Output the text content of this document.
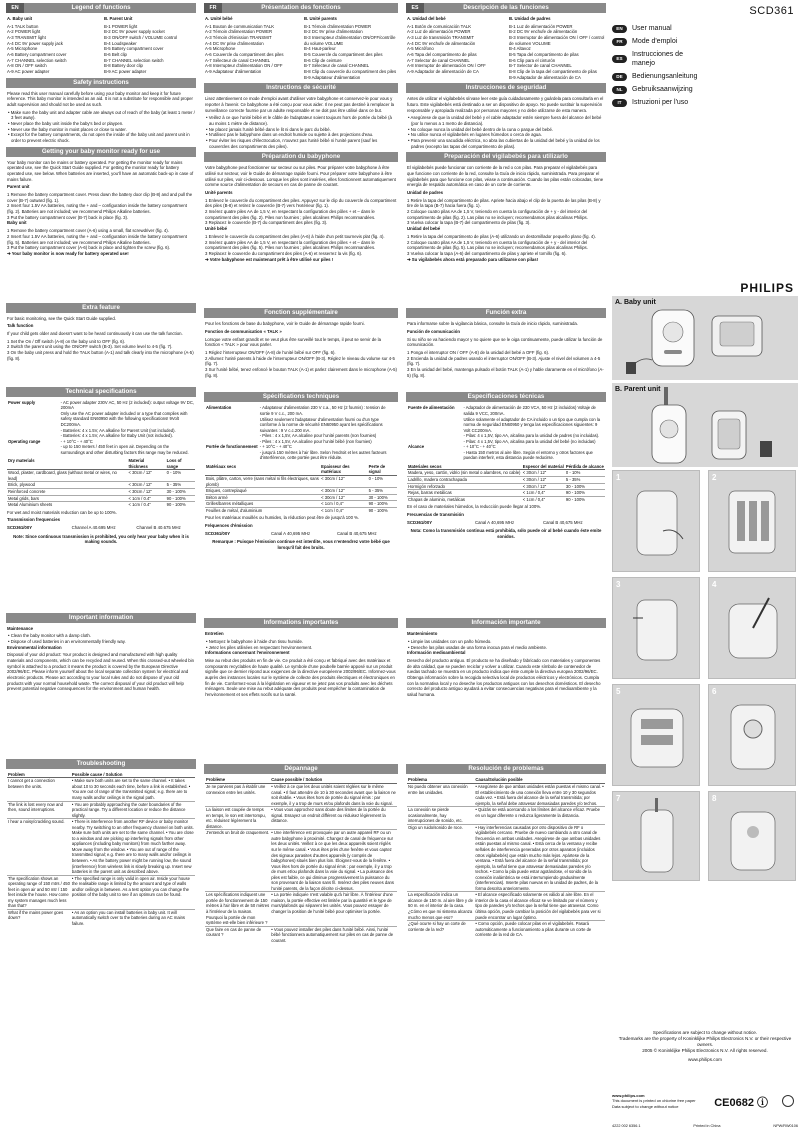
EN	Legend of functions

A. Baby unit

A-1 TALK button
A-2 POWER light
A-3 TRANSMIT light
A-4 DC 9V power supply jack
A-5 Microphone
A-6 Battery compartment cover
A-7 CHANNEL selection switch
A-8 ON / OFF switch
A-9 AC power adapter

B. Parent Unit

B-1 POWER light
B-2 DC 9V power supply socket
B-3 ON/OFF switch / VOLUME control
B-4 Loudspeaker
B-5 Battery compartment cover
B-6 Belt clip
B-7 CHANNEL selection switch
B-8 Battery door clip
B-9 AC power adapter
Safety instructions

Please read this user manual carefully before using your baby monitor and keep it for future reference. This baby monitor is intended as an aid. It is not a substitute for responsible and proper adult supervision and should not be used as such.

• Make sure the baby unit and adapter cable are always out of reach of the baby (at least 1 meter / 3 feet away).
• Never place the baby unit inside the baby's bed or playpen.
• Never use the baby monitor in moist places or close to water.
• Except for the battery compartments, do not open the inside of the baby unit and parent unit in order to prevent electric shock.
Getting your baby monitor ready for use

Your baby monitor can be mains or battery operated. For getting the monitor ready for mains operated use, see the Quick Start Guide supplied. For getting the monitor ready for battery operated use, see below. When batteries are inserted, you'll have an automatic back-up in case of mains failure.

Parent unit

1 Remove the battery compartment cover. Press down the battery door clip (B-8) and and pull the cover (B-7) outward (fig. 1).
2 Insert four 1.5V AA batteries, noting the + and – configuration inside the battery compartment (fig. 2). Batteries are not included; we recommend Philips Alkaline batteries.
3 Put the battery compartment cover (B-7) back in place (fig. 3).

Baby unit

1 Remove the battery compartment cover (A-6) using a small, flat screwdriver (fig. 4).
2 Insert four 1.5V AA batteries, noting the + and – configuration inside the battery compartment (fig. 5). Batteries are not included; we recommend Philips Alkaline batteries.
3 Put the battery compartment cover (A-6) back in place and tighten the screw (fig. 6).

➔ Your baby monitor is now ready for battery operated use!

Extra feature

For basic monitoring, see the Quick Start Guide supplied.

Talk function

If your child gets older and doesn't want to be heard continuously it can use the talk function.

1 Set the On / Off switch (A-8) on the baby unit to OFF (fig. 6).
2 Switch the parent unit using the ON/OFF switch (B-3). Set volume level to 4-5 (fig. 7).
3 On the baby unit press and hold the TALK button (A-1) and talk clearly into the microphone (A-5) (fig. 8).
Technical specifications
Power supply	- AC power adapter 230V AC, 50 Hz (2 included): output voltage 9V DC, 200mA
Only use the AC power adapter included or a type that complies with safety standard EN60950 with the following specifications! 9Volt DC200mA.
- Batteries: 4 x 1.5V, AA alkaline for Parent Unit (not included).
- Batteries: 4 x 1.5V, AA alkaline for Baby Unit (not included).

Operating range	- + 10°C - + 40°C
- up to 150 meters / 450 feet in open air. Depending on the surroundings and other disturbing factors this range may be reduced.
Dry materials	Material thickness	Loss of range
Wood, plaster, cardboard, glass (without metal or wires, no lead)	< 30cm / 12"	0 - 10%
Brick, plywood	< 30cm / 12"	5 - 35%
Reinforced concrete	< 30cm / 12"	30 - 100%
Metal grids, bars	< 1cm / 0.4"	90 - 100%
Metal Aluminium sheets	< 1cm / 0.4"	90 - 100%

For wet and moist materials reduction can be up to 100%.

Transmission frequencies

SCD361/00Y	Channel A 40.695 MHz	Channel B 40.675 MHz

Note: Since continuous transmission is prohibited, you only hear your baby when it is making sounds.

Important information

Maintenance

• Clean the baby monitor with a damp cloth.
• Dispose of used batteries in an environmentally friendly way.

Environmental information

Disposal of your old product: Your product is designed and manufactured with high quality materials and components, which can be recycled and reused. When this crossed-out wheeled bin symbol is attached to a product it means the product is covered by the European Directive 2002/96/EC. Please inform yourself about the local separate collection system for electrical and electronic products. Please act according to your local rules and do not dispose of your old products with your normal household waste. The correct disposal of your old product will help prevent potential negative consequences for the environment and human health.

Troubleshooting
Problem	Possible cause / Solution
I cannot get a connection between the units.	• Make sure both units are set to the same channel. • It takes about 10 to 30 seconds each time, before a link is established. • You are out of range of the transmitted signal; e.g. there are to many walls and/or ceilings in the signal path.
The link is lost every now and then, sound interruptions.	• You are probably approaching the outer boundaries of the practical range. Try a different location or reduce the distance slightly.
I hear a noisy/crackling sound.	• There is interference from another RF device or baby monitor nearby. Try switching to an other frequency channel on both units. Make sure both units are set to the same channel. • You are close to a window and are picking up interfering signals from other appliances (including baby monitors) from much farther away. Move away from the window. • You are out of range of the transmitted signal; e.g. there are to many walls and/or ceilings in between. • As the battery power might be running low, the sound (interference) from wireless link is slowly breaking up. Insert new batteries in the parent unit as described above.
The specification shows an operating range of 150 mtrs / 450 feet in open air and 50 mtr / 150 feet inside the house. How come my system manages much less than that?	• The specified range is only valid in open air. Inside your house the realisable range is limited by the amount and type of walls and/or ceilings in between. As a test option you can change the position of the baby unit to see if an optimum can be found.
What if the mains power goes down?	• As an option you can install batteries in baby unit. It will automatically switch over to the batteries during an AC mains failure.
FR	Présentation des fonctions

A. Unité bébé

A-1 Bouton de communication TALK
A-2 Témoin d'alimentation POWER
A-3 Témoin d'émission TRANSMIT
A-4 DC 9V prise d'alimentation
A-5 Microphone
A-6 Couvercle du compartiment des piles
A-7 Sélecteur de canal CHANNEL
A-8 Interrupteur d'alimentation ON / OFF
A-9 Adaptateur d'alimentation

B. Unité parents

B-1 Témoin d'alimentation POWER
B-2 DC 9V prise d'alimentation
B-3 Interrupteur d'alimentation ON/OFF/contrôle du volume VOLUME
B-4 Haut-parleur
B-5 Couvercle du compartiment des piles
B-6 Clip de ceinture
B-7 Sélecteur de canal CHANNEL
B-8 Clip du couvercle du compartiment des piles
B-9 Adaptateur d'alimentation
Instructions de sécurité

Lisez attentivement ce mode d'emploi avant d'utiliser votre babyphone et conservez-le pour vous y reporter à l'avenir. Ce babyphone a été conçu pour vous aider. Il ne peut pas destiné à remplacer la surveillance correcte fournie par un adulte responsable et ne doit pas être utilisé dans ce but.

• Veillez à ce que l'unité bébé et le câble de l'adaptateur soient toujours hors de portée du bébé (à au moins 1 mètre de distance).
• Ne placez jamais l'unité bébé dans le lit ni dans le parc du bébé.
• N'utilisez pas le babyphone dans un endroit humide ou sujette à des projections d'eau.
• Pour éviter les risques d'électrocution, n'ouvrez pas l'unité bébé ni l'unité parent (sauf les couvercles des compartiments des piles).
Préparation du babyphone

Votre babyphone peut fonctionner sur secteur ou sur piles. Pour préparer votre babyphone à être utilisé sur secteur, voir le Guide de démarrage rapide fourni. Pour préparer votre babyphone à être utilisé sur piles, voir ci-dessous. Lorsque les piles sont insérées, elles fonctionnent automatiquement comme source d'alimentation de secours en cas de panne de courant.

Unité parents

1 Enlevez le couvercle du compartiment des piles. Appuyez sur le clip du couvercle du compartiment des piles (B-8) et retirez le couvercle (B-7) vers l'extérieur (fig. 1).
2 Insérez quatre piles AA de 1,5 V, en respectant la configuration des pôles + et – dans le compartiment des piles (fig. 2). Piles non fournies ; piles alcalines Philips recommandées.
3 Replacez le couvercle (B-7) du compartiment des piles (fig. 3).

Unité bébé

1 Enlevez le couvercle du compartiment des piles (A-6) à l'aide d'un petit tournevis plat (fig. 4).
2 Insérez quatre piles AA de 1,5 V, en respectant la configuration des pôles + et – dans le compartiment des piles (fig. 5). Piles non fournies ; piles alcalines Philips recommandées.
3 Replacez le couvercle du compartiment des piles (A-6) et resserrez la vis (fig. 6).

➔ Votre babyphone est maintenant prêt à être utilisé sur piles !

Fonction supplémentaire

Pour les fonctions de base du babyphone, voir le Guide de démarrage rapide fourni.

Fonction de communication « TALK »

Lorsque votre enfant grandit et ne veut plus être surveillé tout le temps, il peut se servir de la fonction « TALK » pour vous parler.

1 Réglez l'interrupteur ON/OFF (A-8) de l'unité bébé sur OFF (fig. 6).
2 Allumez l'unité parents à l'aide de l'interrupteur ON/OFF (B-3). Réglez le niveau du volume sur 4-5 (fig. 7).
3 Sur l'unité bébé, tenez enfoncé le bouton TALK (A-1) et parlez clairement dans le microphone (A-5) (fig. 8).
Spécifications techniques
Alimentation	- Adaptateur d'alimentation 230 V c.a., 50 Hz (2 fournis) : tension de sortie 9 V c.c., 200 mA.
Utilisez seulement l'adaptateur d'alimentation fourni ou d'un type conforme à la norme de sécurité EN60950 ayant les spécifications suivantes : 9 V c.c.200 mA.
- Piles : 4 x 1,5V, AA alcaline pour l'unité parents (non fournies)
- Piles : 4 x 1,5V, AA alcaline pour l'unité bébé (non fournies)

Portée de fonctionnement	- + 10°C - + 40°C
- jusqu'à 150 mètres à l'air libre. Selon l'endroit et les autres facteurs d'interférence, cette portée peut être réduite.
Matériaux secs	Epaisseur des matériaux	Perte de signal
Bois, plâtre, carton, verre (sans métal ni fils électriques, sans plomb)	< 30cm / 12"	0 - 10%
Briques, contreplaqué	< 30cm / 12"	5 - 35%
Béton armé	< 30cm / 12"	30 - 100%
Grilles/barres métalliques	< 1cm / 0,4"	90 - 100%
Feuilles de métal, d'aluminium	< 1cm / 0,4"	90 - 100%

Pour les matériaux mouillés ou humides, la réduction peut être de jusqu'à 100 %.

Fréquences d'émission

SCD361/00Y	Canal A 40,695 MHz	Canal B 40,675 MHz

Remarque : Puisque l'émission continue est interdite, vous n'entendrez votre bébé que lorsqu'il fait des bruits.

Informations importantes

Entretien

• Nettoyez le babyphone à l'aide d'un tissu humide.
• Jetez les piles utilisées en respectant l'environnement.

Informations concernant l'environnement

Mise au rebut des produits en fin de vie. Ce produit a été conçu et fabriqué avec des matériaux et composants recyclables de haute qualité. Le symbole d'une poubelle barrée apposé sur un produit signifie que ce dernier répond aux exigences de la directive européenne 2002/96/EC. Informez-vous auprès des instances locales sur le système de collecte des produits électriques et électroniques en fin de vie. Conformez-vous à la législation en vigueur et ne jetez pas vos produits avec les déchets ménagers. Seule une mise au rebut adéquate des produits peut empêcher la contamination de l'environnement et ses effets nocifs sur la santé.

Dépannage
Problème	Cause possible / Solution
Je ne parviens pas à établir une connexion entre les unités.	• Veillez à ce que les deux unités soient réglées sur le même canal. • Il faut attendre de 10 à 30 secondes avant que la liaison ne soit établie. • Vous êtes hors de portée du signal émis : par exemple, il y a trop de murs et/ou plafonds dans la voie du signal.
La liaison est coupée de temps en temps, le son est interrompu, etc. réduisez légèrement la distance.	• Vous vous approchez sans doute des limites de la portée du signal. Essayez un endroit différent ou réduisez légèrement la distance.
J'entends un bruit de craquement.	• Une interférence est provoquée par un autre appareil RF ou un autre babyphone à proximité. Changez de canal de fréquence sur les deux unités. Veillez à ce que les deux appareils soient réglés sur le même canal. • Vous êtes près d'une fenêtre et vous captez des signaux parasites d'autres appareils (y compris de babyphones) situés bien plus loin. Éloignez-vous de la fenêtre. • Vous êtes hors de portée du signal émis : par exemple, il y a trop de murs et/ou plafonds dans la voie du signal. • La puissance des piles est faible, ce qui diminue progressivement la puissance du son provenant de la liaison sans fil. Insérez des piles neuves dans l'unité parents, de la façon décrite ci-dessus.
Les spécifications indiquent une portée de fonctionnement de 150 mètres à l'air libre et de 50 mètres à l'intérieur de la maison. Pourquoi la portée de mon système est-elle bien inférieure ?	• La portée indiquée n'est valable qu'à l'air libre. À l'intérieur d'une maison, la portée effective est limitée par la quantité et le type de murs/plafonds qui séparent les unités. Vous pouvez essayer de changer la position de l'unité bébé pour optimiser la portée.
Que faire en cas de panne de courant ?	• Vous pouvez installer des piles dans l'unité bébé. Ainsi, l'unité bébé fonctionnera automatiquement sur piles en cas de panne de courant.
ES	Descripción de las funciones

A. Unidad del bebé

A-1 Botón de comunicación TALK
A-2 Luz de alimentación POWER
A-3 Luz de transmisión TRANSMIT
A-4 DC 9V enchufe de alimentación
A-5 Micrófono
A-6 Tapa del compartimento de pilas
A-7 Selector de canal CHANNEL
A-8 Interruptor de alimentación ON / OFF
A-9 Adaptador de alimentación de CA

B. Unidad de padres

B-1 Luz de alimentación POWER
B-2 DC 9V enchufe de alimentación
B-3 Interruptor de alimentación ON / OFF / control de volumen VOLUME
B-4 Altavoz
B-5 Tapa del compartimento de pilas
B-6 Clip para el cinturón
B-7 Selector de canal CHANNEL
B-8 Clip de la tapa del compartimento de pilas
B-9 Adaptador de alimentación de CA
Instrucciones de seguridad

Antes de utilizar el vigilabebés sírvase leer este guía cuidadosamente y guárdela para consultarla en el futuro. Este vigilabebés está destinado a ser un dispositivo de apoyo. No puede sustituir la supervisión responsable y apropiada realizada por personas mayores y no debe utilizarse de esta manera.

• Asegúrese de que la unidad del bebé y el cable adaptador estén siempre fuera del alcance del bebé (por lo menos a 1 metro de distancia).
• No coloque nunca la unidad del bebé dentro de la cuna o parque del bebé.
• No utilice nunca el vigilabebés en lugares húmedos o cerca de agua.
• Para prevenir una sacudida eléctrica, no abra las cubiertas de la unidad del bebé y la unidad de los padres (excepto las tapas del compartimento de pilas).
Preparación del vigilabebés para utilizarlo

El vigilabebés puede funcionar con corriente de la red o con pilas. Para preparar el vigilabebés para que funcione con corriente de la red, consulte la Guía de inicio rápido, suministrada. Para preparar el vigilabebés para que funcione con pilas, véase a continuación. Cuando las pilas están colocadas, tiene energía de respaldo automática en caso de un corte de corriente.

Unidad de padres

1 Retire la tapa del compartimento de pilas. Apriete hacia abajo el clip de la puerta de las pilas (B-8) y tire de la tapa (B-7) hacia fuera (fig. 1).
2 Coloque cuatro pilas AA de 1,5 V, teniendo en cuenta la configuración de + y - del interior del compartimento de pilas (fig. 2). Las pilas no se incluyen; recomendamos pilas alcalinas Philips.
3 Vuelva colocar la tapa (B-7) del compartimento de pilas (fig. 3).

Unidad del bebé

1 Retire la tapa del compartimento de pilas (A-6) utilizando un destornillador pequeño plano (fig. 4).
2 Coloque cuatro pilas AA de 1,5 V, teniendo en cuenta la configuración de + y - del interior del compartimento de pilas (fig. 5). Las pilas no se incluyen; recomendamos pilas alcalinas Philips.
3 Vuelva colocar la tapa (A-6) del compartimento de pilas y apriete el tornillo (fig. 6).

➔ Su vigilabebés ahora está preparado para utilizarse con pilas!

Función extra

Para informarse sobre la vigilancia básica, consulte la Guía de inicio rápido, suministrada.

Función de comunicación

Si su niño se va haciendo mayor y no quiere que se le oiga continuamente, puede utilizar la función de comunicación.

1 Ponga el interruptor ON / OFF (A-8) de la unidad del bebé a OFF (fig. 6).
2 Encienda la unidad de padres usando el interruptor ON/OFF (B-3). Ajuste el nivel del volumen a 4-5 (fig. 7).
3 En la unidad del bebé, mantenga pulsado el botón TALK (A-1) y hable claramente en el micrófono (A-5) (fig. 8).
Especificaciones técnicas
Fuente de alimentación	- Adaptador de alimentación de 230 VCA, 50 Hz (2 incluidos) Voltaje de salida 9 VCC, 200mA.
Utilice solamente el adaptador de CA incluido o un tipo que cumpla con la norma de seguridad EN60950 y tenga las especificaciones siguientes: 9 Volt CC200mA.
- Pilas: 4 x 1,5V, tipo AA, alcalina para la unidad de padres (no incluidas).
- Pilas: 4 x 1,5V, tipo AA, alcalina para la unidad del bebé (no incluidas)

Alcance	- + 10°C - + 40°C
- Hasta 150 metros al aire libre. Según el entorno y otros factores que puedan interferir, esta distancia puede reducirse.
Materiales secos	Espesor del material	Pérdida de alcance
Madera, yeso, cartón, vidrio (sin metal o alambres, no cable)	< 30cm / 12"	0 - 10%
Ladrillo, madera contrachapada	< 30cm / 12"	5 - 35%
Hormigón reforzado	< 30cm / 12"	30 - 100%
Rejas, barras metálicas	< 1cm / 0,4"	90 - 100%
Chapas de aluminio, metálicas	< 1cm / 0,4"	90 - 100%

En el caso de materiales húmedos, la reducción puede llegar al 100%.

Frecuencias de transmisión

SCD361/00Y	Canal A 40,695 MHz	Canal B 40,675 MHz

Nota: Como la transmisión continua está prohibida, sólo puede oír al bebé cuando éste emite sonidos.

Información importante

Mantenimiento

• Limpie las unidades con un paño húmedo.
• Deseche las pilas usadas de una forma inocua para el medio ambiente.

Información medioambiental

Desecho del producto antiguo. El producto se ha diseñado y fabricado con materiales y componentes de alta calidad, que se pueden reciclar y volver a utilizar. Cuando este símbolo de contenedor de ruedas tachado se muestra en un producto indica que éste cumple la directiva europea 2002/96/EC. Obtenga información sobre la recogida selectiva local de productos eléctricos y electrónicos. Cumpla con la normativa local y no deseche los productos antiguos con los desechos domésticos. El desecho correcto del producto antiguo ayudará a evitar consecuencias negativas para el medioambiente y la salud humana.

Resolución de problemas
Problema	Causa/Solución posible
No puedo obtener una conexión entre las unidades.	• Asegúrese de que ambas unidades están puestas el mismo canal. • El establecimiento de una conexión lleva entre 10 y 30 segundos cada vez. • Está fuera del alcance de la señal transmitida; por ejemplo, la señal debe atravesar demasiadas paredes y/o techos.
La conexión se pierde ocasionalmente, hay interrupciones de sonido, etc.	• Quizás se está acercando a los límites del alcance eficaz. Pruebe en un lugar diferente o reduzca ligeramente la distancia.
Oigo un ruido/sonido de roce.	• Hay interferencias causadas por otro dispositivo de RF o vigilabebés cercano. Pruebe de nuevo cambiando a otro canal de frecuencia en ambas unidades. Asegúrese de que ambas unidades están puestas al mismo canal. • Está cerca de la ventana y recibe señales de interferencia generadas por otros aparatos (incluidos otros vigilabebés) que están mucho más lejos. Apártese de la ventana. • Está fuera del alcance de la señal transmitida; por ejemplo, la señal tiene que atravesar demasiadas paredes y/o techos. • Como la pila puede estar agotándose, el sonido de la conexión inalámbrica se está interrumpiendo gradualmente (interferencias). Inserte pilas nuevas en la unidad de padres, de la forma descrita anteriormente.
La especificación indica un alcance de 150 m. al aire libre y de 50 m. en el interior de la casa. ¿Cómo es que mi sistema alcanza mucho menos que eso?	• El alcance especificado solamente es válido al aire libre. En el interior de la casa el alcance eficaz se ve limitado por el número y tipo de paredes y/o techos que la señal tiene que atravesar. Como última opción, puede cambiar la posición del vigilabebés para ver si puede encontrar un lugar óptimo.
¿Qué ocurre si hay un corte de corriente de la red?	• Como opción, puede colocar pilas en el vigilabebés. Pasará automáticamente a funcionamiento a pilas durante un corte de corriente de la red de CA.
SCD361
EN	User manual
FR	Mode d'emploi
ES
Instrucciones de manejo
DE	Bedienungsanleitung
NL	Gebruiksaanwijzing
IT	Istruzioni per l'uso
PHILIPS
A. Baby unit
B. Parent unit
1	2
3	4
5	6
7	8
Specifications are subject to change without notice.
Trademarks are the property of Koninklijke Philips Electronics N.V. or their respective owners.
2005 © Koninklijke Philips Electronics N.V. All rights reserved.
www.philips.com
www.philips.com
This document is printed on chlorine free paper
Data subject to change without notice	CE0682 ⓘ
4222 002 6356.1	Printed in China	NPW/RW0106
